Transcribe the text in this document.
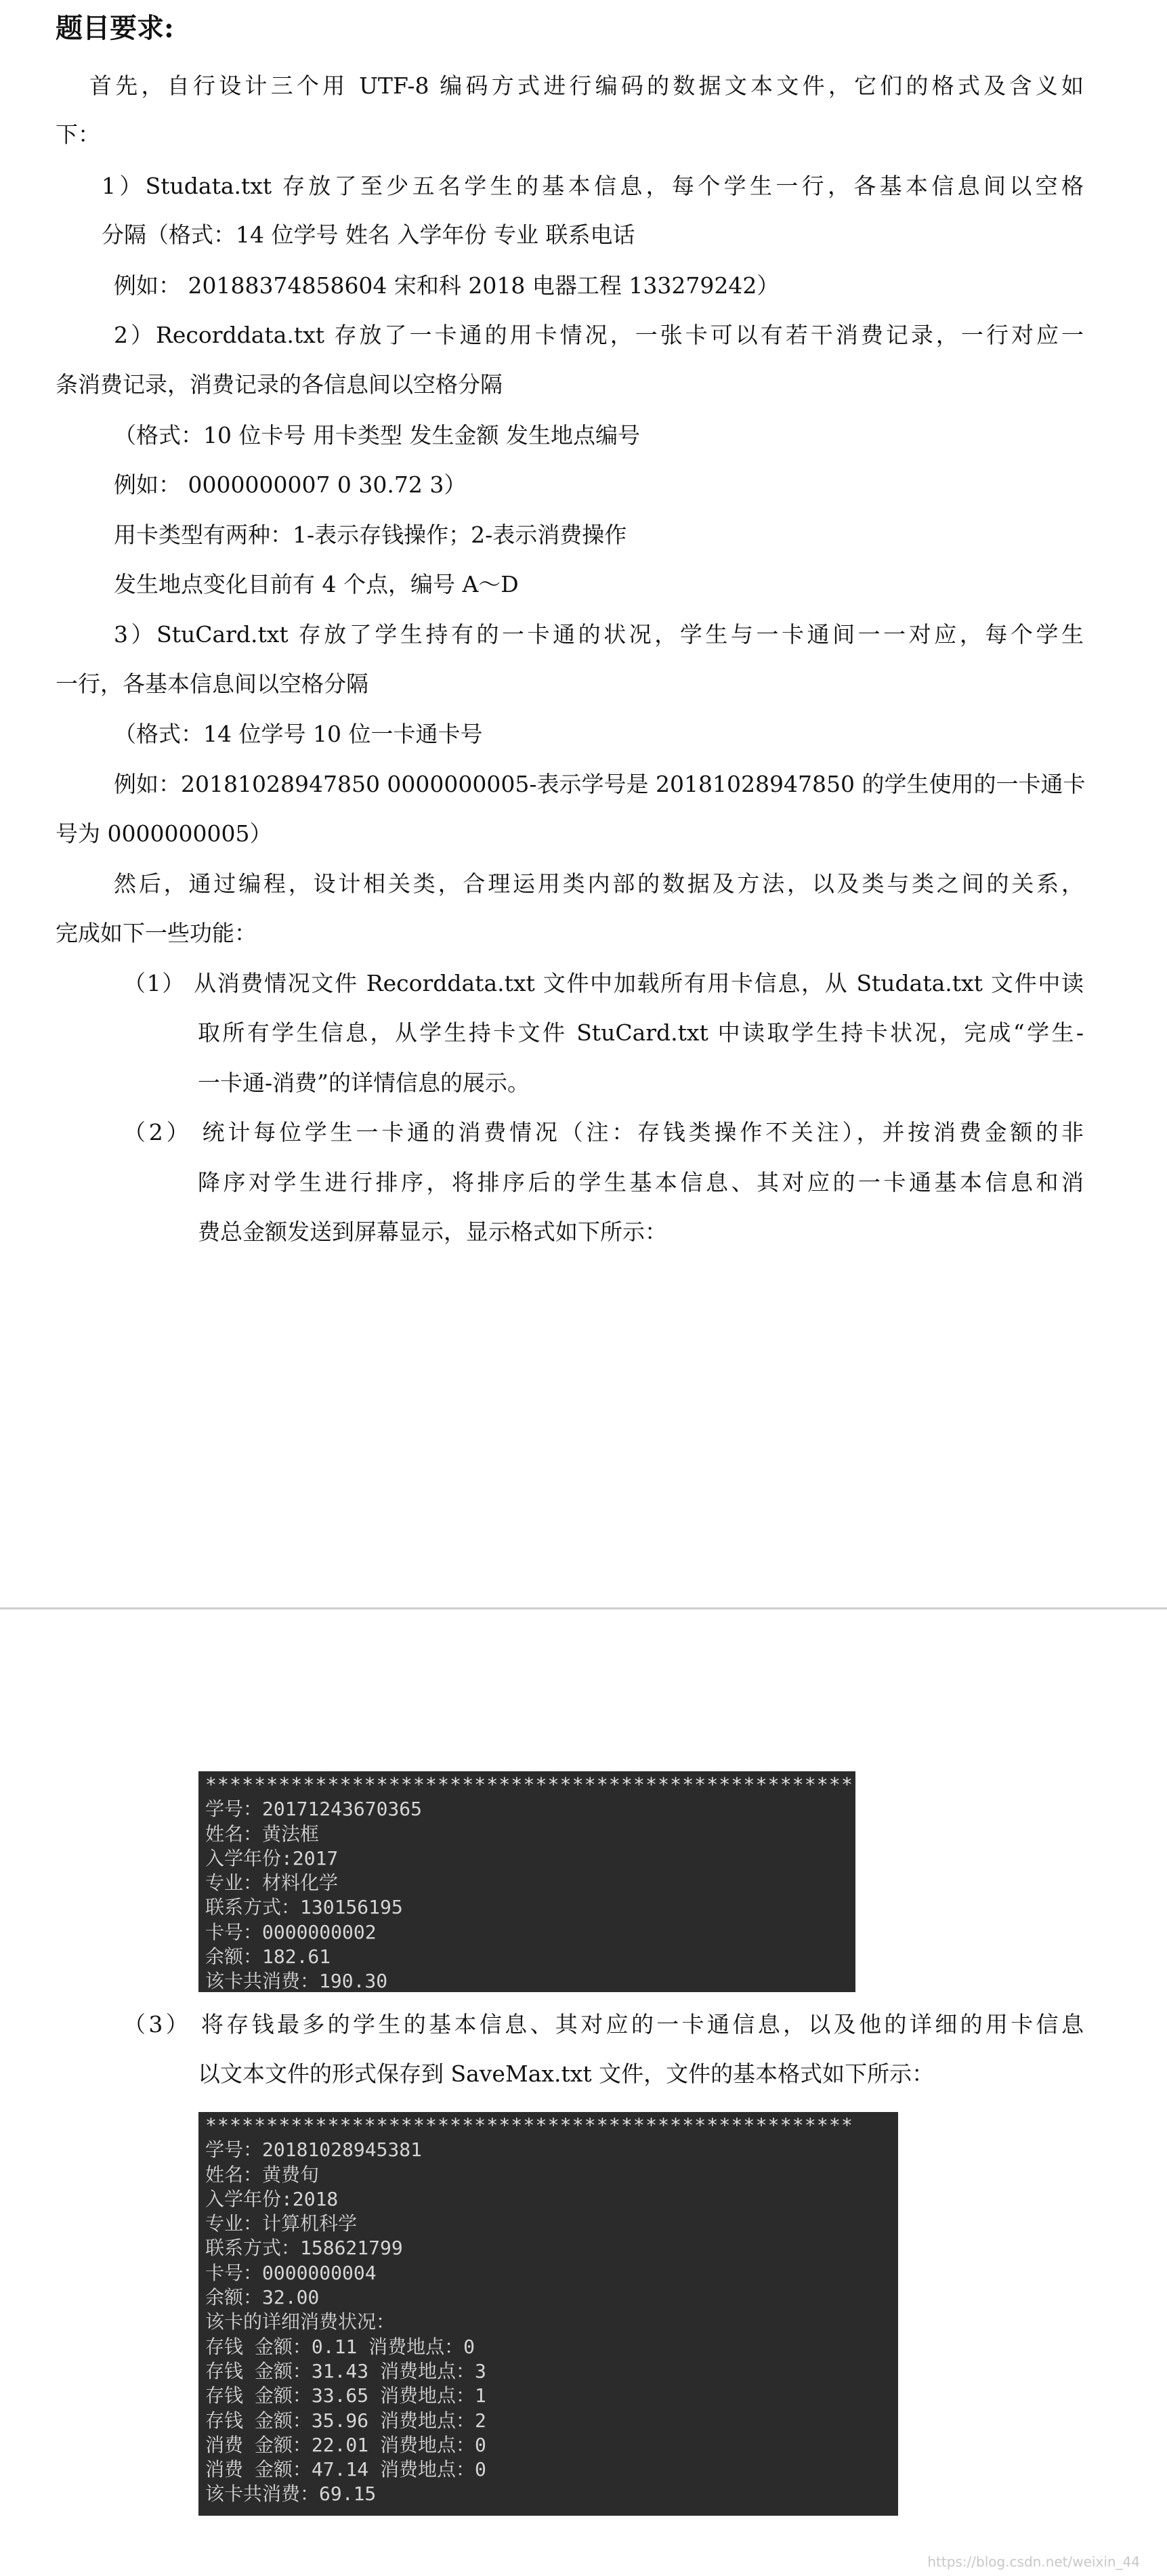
题目要求:
首先，自行设计三个用 UTF-8 编码方式进行编码的数据文本文件，它们的格式及含义如
下：
1）Studata.txt 存放了至少五名学生的基本信息，每个学生一行，各基本信息间以空格
分隔（格式：14 位学号 姓名 入学年份 专业 联系电话
例如： 20188374858604 宋和科 2018 电器工程 133279242）
2）Recorddata.txt 存放了一卡通的用卡情况，一张卡可以有若干消费记录，一行对应一
条消费记录，消费记录的各信息间以空格分隔
（格式：10 位卡号 用卡类型 发生金额 发生地点编号
例如： 0000000007 0 30.72 3）
用卡类型有两种：1-表示存钱操作；2-表示消费操作
发生地点变化目前有 4 个点，编号 A～D
3）StuCard.txt 存放了学生持有的一卡通的状况，学生与一卡通间一一对应，每个学生
一行，各基本信息间以空格分隔
（格式：14 位学号 10 位一卡通卡号
例如：20181028947850 0000000005-表示学号是 20181028947850 的学生使用的一卡通卡
号为 0000000005）
然后，通过编程，设计相关类，合理运用类内部的数据及方法，以及类与类之间的关系，
完成如下一些功能：
（1） 从消费情况文件 Recorddata.txt 文件中加载所有用卡信息，从 Studata.txt 文件中读
取所有学生信息，从学生持卡文件 StuCard.txt 中读取学生持卡状况，完成“学生-
一卡通-消费”的详情信息的展示。
（2） 统计每位学生一卡通的消费情况（注：存钱类操作不关注），并按消费金额的非
降序对学生进行排序，将排序后的学生基本信息、其对应的一卡通基本信息和消
费总金额发送到屏幕显示，显示格式如下所示：
（3） 将存钱最多的学生的基本信息、其对应的一卡通信息，以及他的详细的用卡信息
以文本文件的形式保存到 SaveMax.txt 文件，文件的基本格式如下所示：
*****************************************************
学号：20171243670365
姓名：黄法框
入学年份:2017
专业：材料化学
联系方式：130156195
卡号：0000000002
余额：182.61
该卡共消费：190.30
*****************************************************
学号：20181028945381
姓名：黄费旬
入学年份:2018
专业：计算机科学
联系方式：158621799
卡号：0000000004
余额：32.00
该卡的详细消费状况：
存钱 金额：0.11 消费地点：0
存钱 金额：31.43 消费地点：3
存钱 金额：33.65 消费地点：1
存钱 金额：35.96 消费地点：2
消费 金额：22.01 消费地点：0
消费 金额：47.14 消费地点：0
该卡共消费：69.15
https://blog.csdn.net/weixin_44
